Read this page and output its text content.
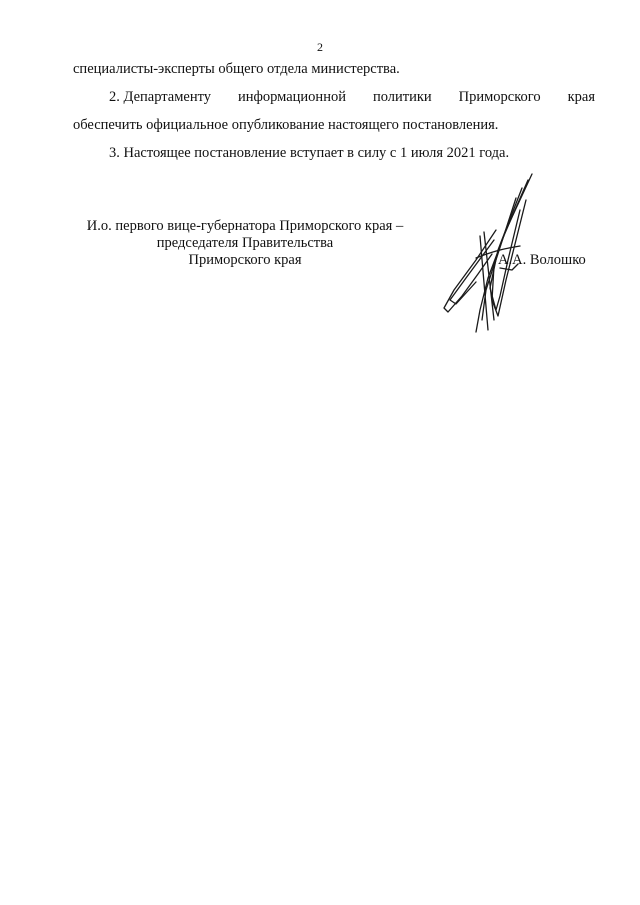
2

специалисты-эксперты общего отдела министерства.

2. Департаменту информационной политики Приморского края

обеспечить официальное опубликование настоящего постановления.

3. Настоящее постановление вступает в силу с 1 июля 2021 года.

И.о. первого вице-губернатора Приморского края –
председателя Правительства
Приморского края	А.А. Волошко
